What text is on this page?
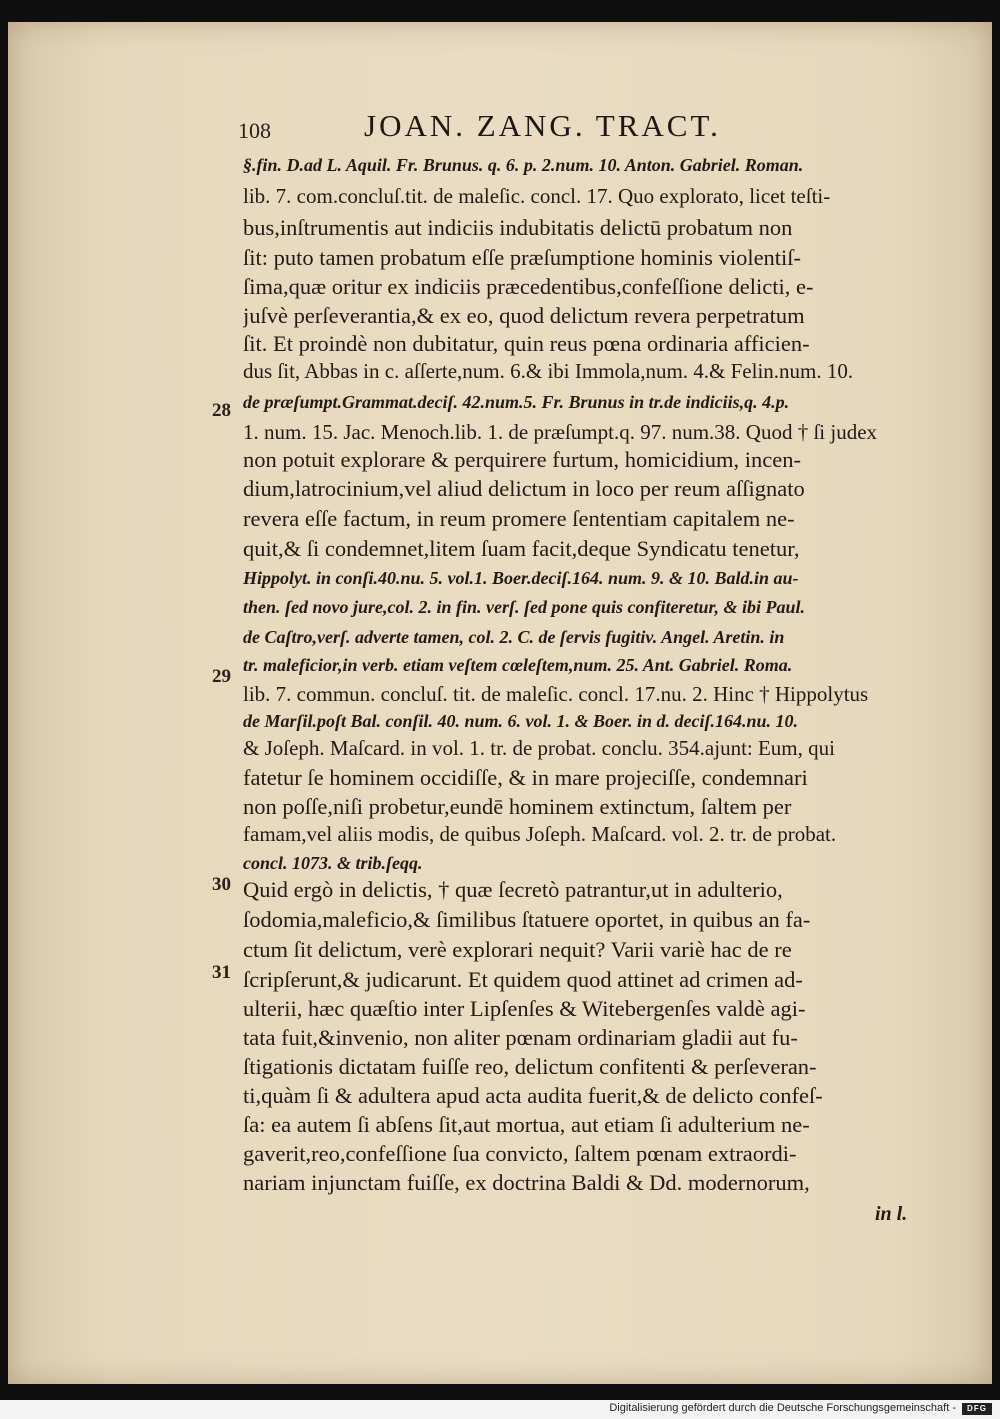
108	JOAN. ZANG. TRACT.
§.fin. D.ad L. Aquil. Fr. Brunus. q. 6. p. 2.num. 10. Anton. Gabriel. Roman.
lib. 7. com.concluſ.tit. de maleſic. concl. 17. Quo explorato, licet teſti-
bus,inſtrumentis aut indiciis indubitatis delictū probatum non
ſit: puto tamen probatum eſſe præſumptione hominis violentiſ-
ſima,quæ oritur ex indiciis præcedentibus,confeſſione delicti, e-
juſvè perſeverantia,& ex eo, quod delictum revera perpetratum
ſit. Et proindè non dubitatur, quin reus pœna ordinaria afficien-
dus ſit, Abbas in c. aſſerte,num. 6.& ibi Immola,num. 4.& Felin.num. 10.
de præſumpt.Grammat.deciſ. 42.num.5. Fr. Brunus in tr.de indiciis,q. 4.p.
1. num. 15. Jac. Menoch.lib. 1. de præſumpt.q. 97. num.38. Quod † ſi judex
non potuit explorare & perquirere furtum, homicidium, incen-
dium,latrocinium,vel aliud delictum in loco per reum aſſignato
revera eſſe factum, in reum promere ſententiam capitalem ne-
quit,& ſi condemnet,litem ſuam facit,deque Syndicatu tenetur,
Hippolyt. in conſi.40.nu. 5. vol.1. Boer.deciſ.164. num. 9. & 10. Bald.in au-
then. ſed novo jure,col. 2. in fin. verſ. ſed pone quis confiteretur, & ibi Paul.
de Caſtro,verſ. adverte tamen, col. 2. C. de ſervis fugitiv. Angel. Aretin. in
tr. maleficior,in verb. etiam veſtem cœleſtem,num. 25. Ant. Gabriel. Roma.
lib. 7. commun. concluſ. tit. de maleſic. concl. 17.nu. 2. Hinc † Hippolytus
de Marſil.poſt Bal. conſil. 40. num. 6. vol. 1. & Boer. in d. deciſ.164.nu. 10.
& Joſeph. Maſcard. in vol. 1. tr. de probat. conclu. 354.ajunt: Eum, qui
fatetur ſe hominem occidiſſe, & in mare projeciſſe, condemnari
non poſſe,niſi probetur,eundē hominem extinctum, ſaltem per
famam,vel aliis modis, de quibus Joſeph. Maſcard. vol. 2. tr. de probat.
concl. 1073. & trib.ſeqq.
Quid ergò in delictis, † quæ ſecretò patrantur,ut in adulterio,
ſodomia,maleficio,& ſimilibus ſtatuere oportet, in quibus an fa-
ctum ſit delictum, verè explorari nequit? Varii variè hac de re
ſcripſerunt,& judicarunt. Et quidem quod attinet ad crimen ad-
ulterii, hæc quæſtio inter Lipſenſes & Witebergenſes valdè agi-
tata fuit,&invenio, non aliter pœnam ordinariam gladii aut fu-
ſtigationis dictatam fuiſſe reo, delictum confitenti & perſeveran-
ti,quàm ſi & adultera apud acta audita fuerit,& de delicto confeſ-
ſa: ea autem ſi abſens ſit,aut mortua, aut etiam ſi adulterium ne-
gaverit,reo,confeſſione ſua convicto, ſaltem pœnam extraordi-
nariam injunctam fuiſſe, ex doctrina Baldi & Dd. modernorum,
28
29
30
31
in l.
Digitalisierung gefördert durch die Deutsche Forschungsgemeinschaft -	DFG
